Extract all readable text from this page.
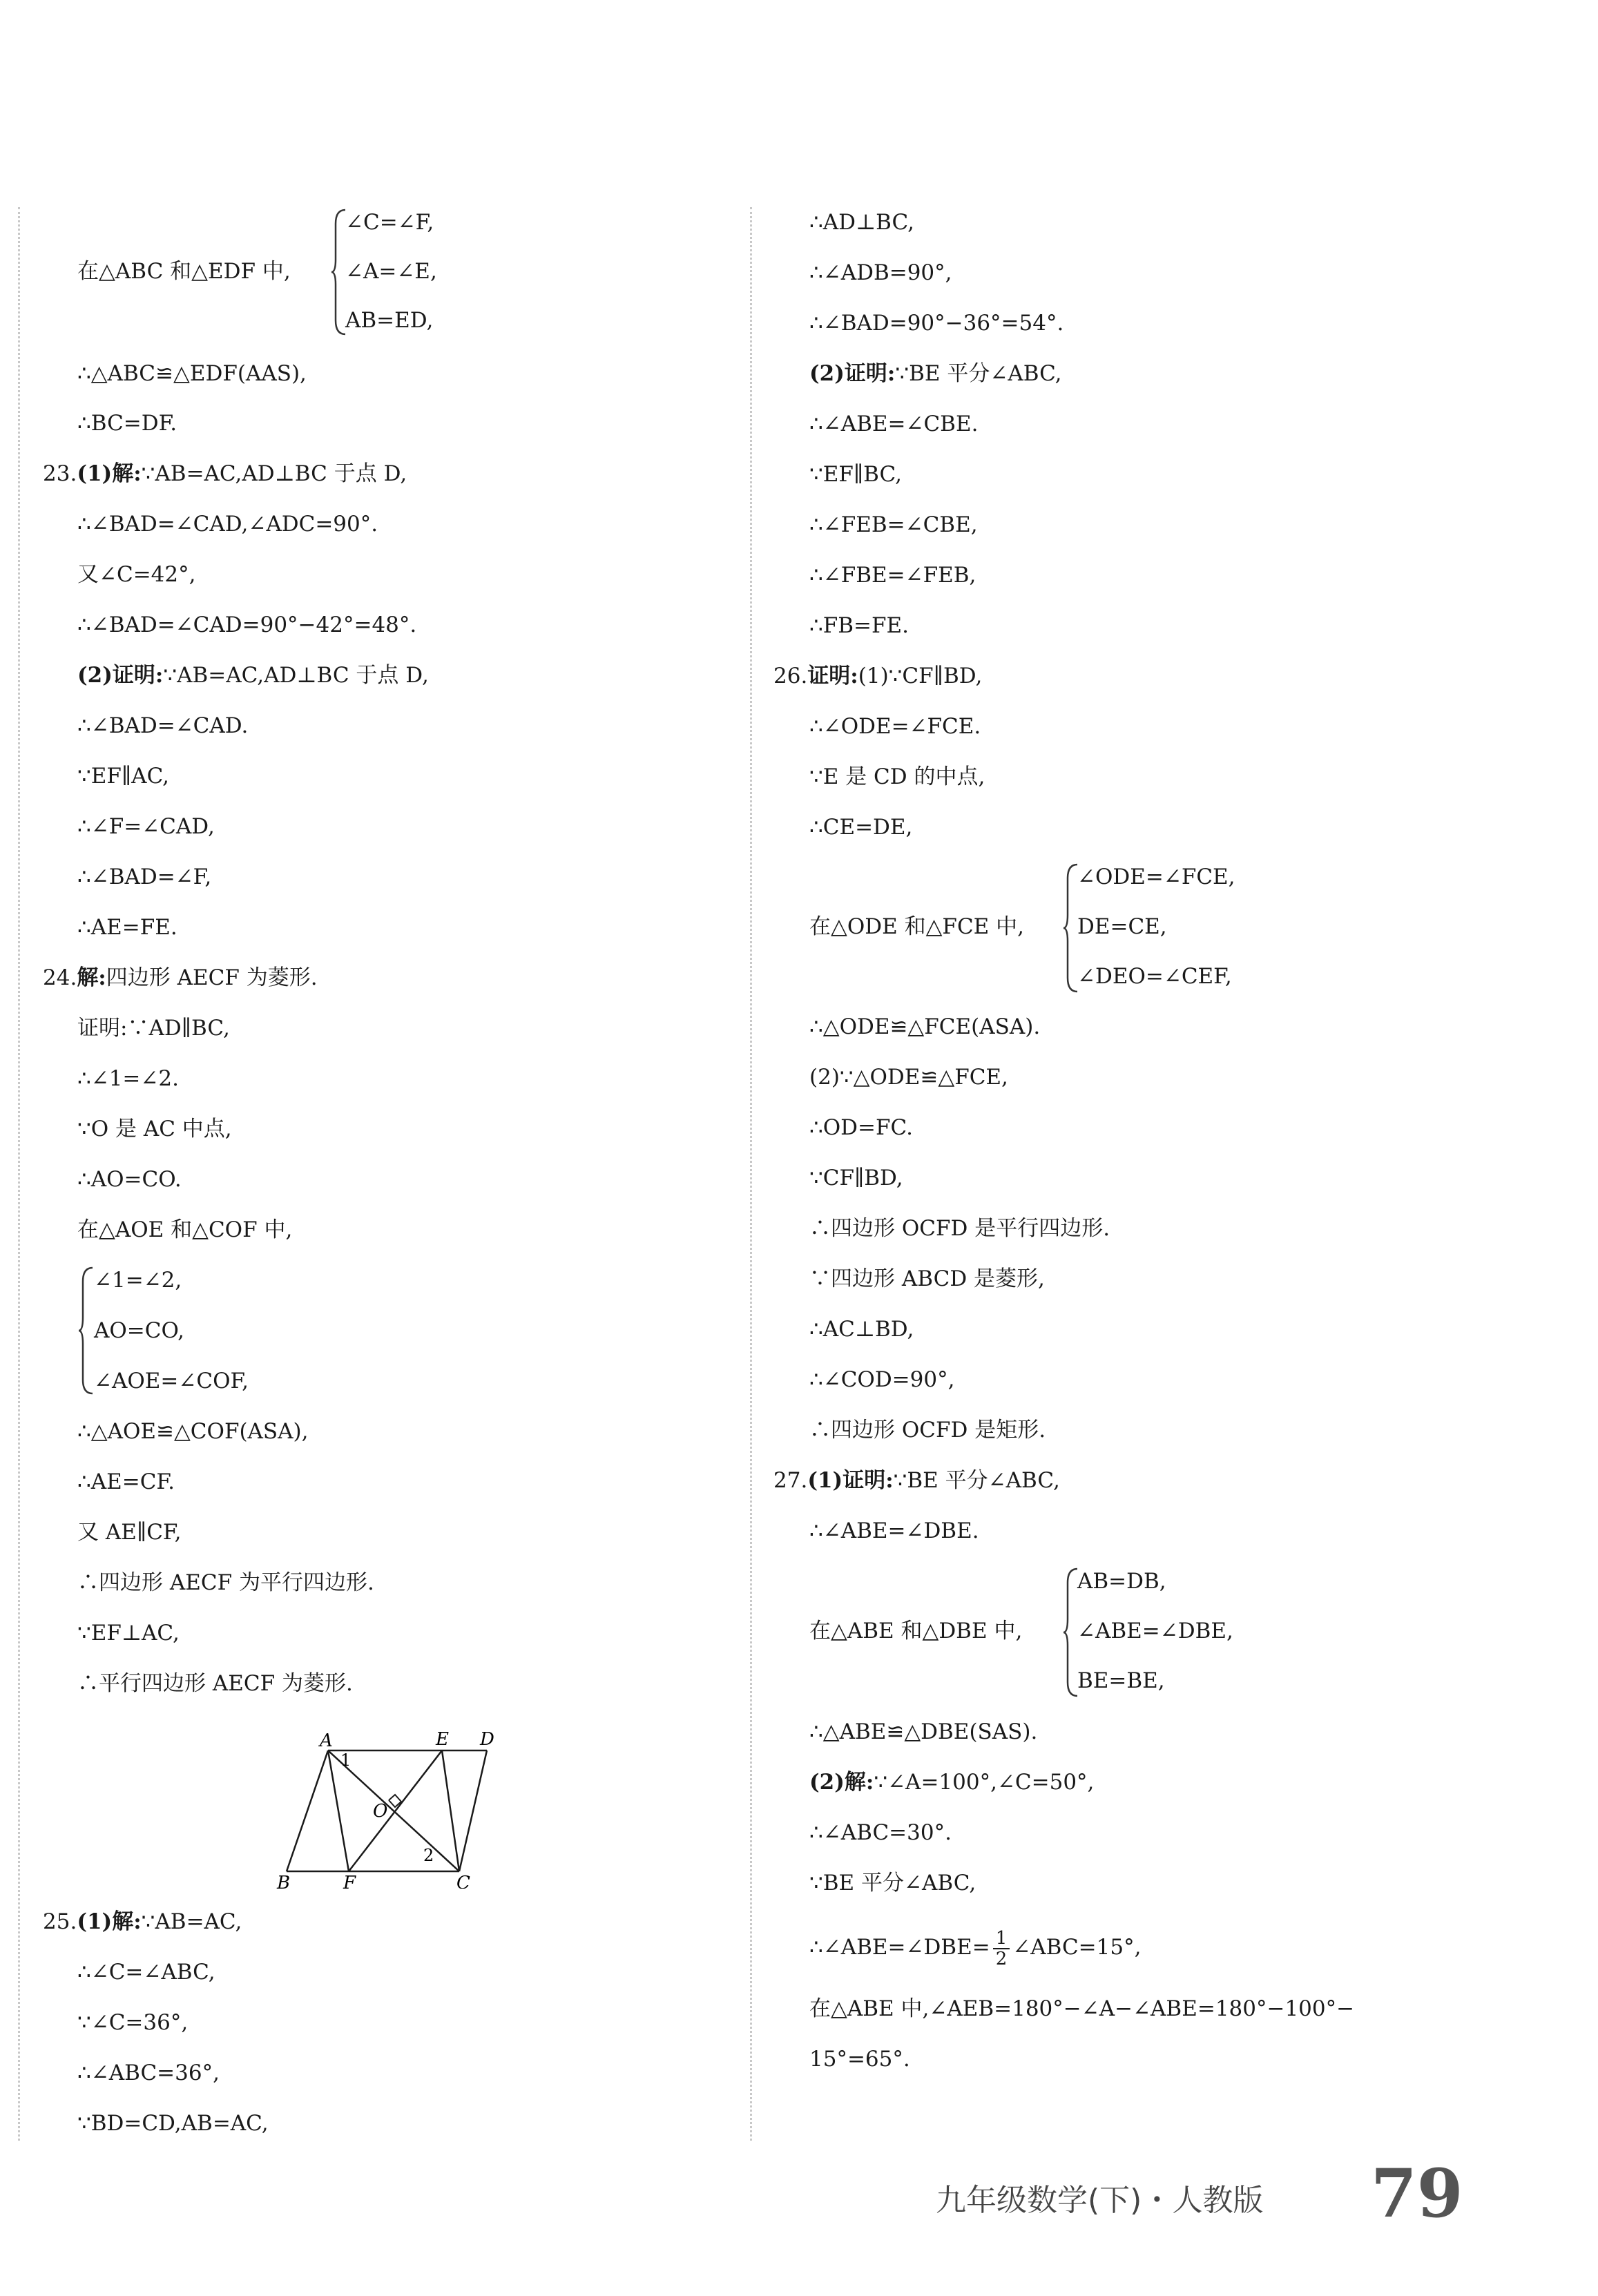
在△ABC 和△EDF 中,
∠C=∠F,
∠A=∠E,
AB=ED,
∴△ABC≌△EDF(AAS),
∴BC=DF.
23.(1)解:∵AB=AC,AD⊥BC 于点 D,
∴∠BAD=∠CAD,∠ADC=90°.
又∠C=42°,
∴∠BAD=∠CAD=90°−42°=48°.
(2)证明:∵AB=AC,AD⊥BC 于点 D,
∴∠BAD=∠CAD.
∵EF∥AC,
∴∠F=∠CAD,
∴∠BAD=∠F,
∴AE=FE.
24.解:四边形 AECF 为菱形.
证明:∵AD∥BC,
∴∠1=∠2.
∵O 是 AC 中点,
∴AO=CO.
在△AOE 和△COF 中,
∠1=∠2,
AO=CO,
∠AOE=∠COF,
∴△AOE≌△COF(ASA),
∴AE=CF.
又 AE∥CF,
∴四边形 AECF 为平行四边形.
∵EF⊥AC,
∴平行四边形 AECF 为菱形.
A
1
E D
O
2
B	F	C
25.(1)解:∵AB=AC,
∴∠C=∠ABC,
∵∠C=36°,
∴∠ABC=36°,
∵BD=CD,AB=AC,
∴AD⊥BC,
∴∠ADB=90°,
∴∠BAD=90°−36°=54°.
(2)证明:∵BE 平分∠ABC,
∴∠ABE=∠CBE.
∵EF∥BC,
∴∠FEB=∠CBE,
∴∠FBE=∠FEB,
∴FB=FE.
26.证明:(1)∵CF∥BD,
∴∠ODE=∠FCE.
∵E 是 CD 的中点,
∴CE=DE,
在△ODE 和△FCE 中,
∠ODE=∠FCE,
DE=CE,
∠DEO=∠CEF,
∴△ODE≌△FCE(ASA).
(2)∵△ODE≌△FCE,
∴OD=FC.
∵CF∥BD,
∴四边形 OCFD 是平行四边形.
∵四边形 ABCD 是菱形,
∴AC⊥BD,
∴∠COD=90°,
∴四边形 OCFD 是矩形.
27.(1)证明:∵BE 平分∠ABC,
∴∠ABE=∠DBE.
在△ABE 和△DBE 中,
AB=DB,
∠ABE=∠DBE,
BE=BE,
∴△ABE≌△DBE(SAS).
(2)解:∵∠A=100°,∠C=50°,
∴∠ABC=30°.
∵BE 平分∠ABC,
∴∠ABE=∠DBE= $\frac{1}{2}$ ∠ABC=15°,
在△ABE 中,∠AEB=180°−∠A−∠ABE=180°−100°−
15°=65°.
九年级数学(下)・人教版 79
